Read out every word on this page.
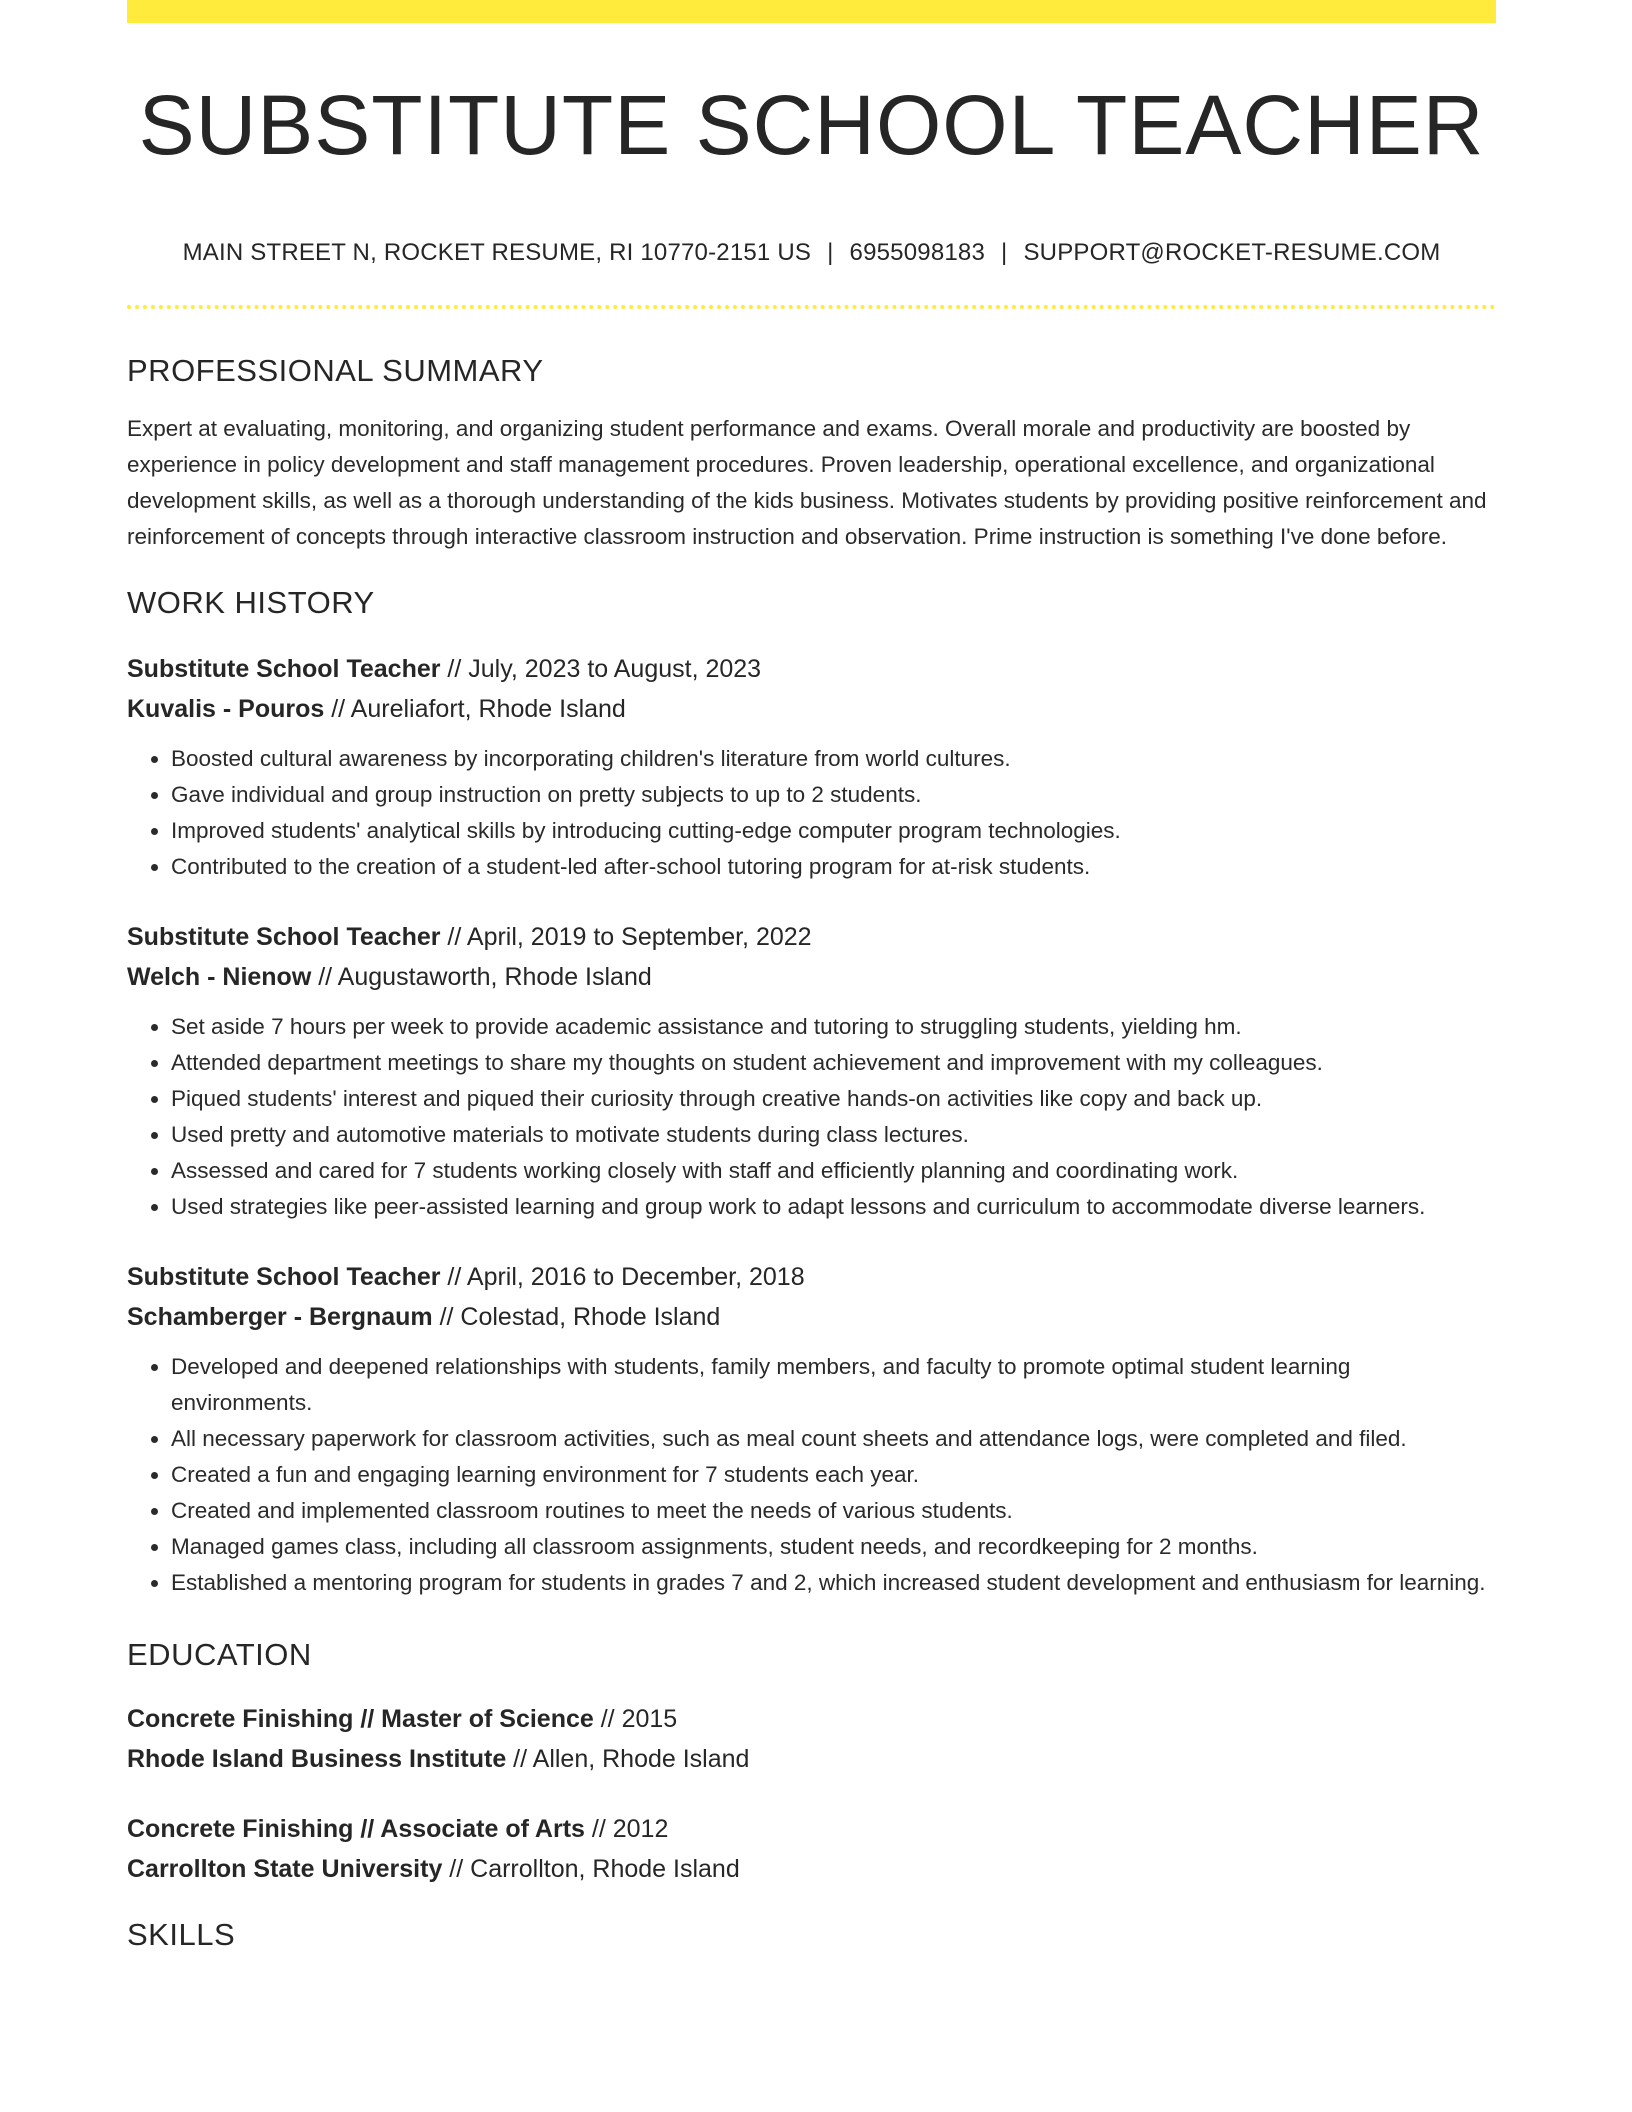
SUBSTITUTE SCHOOL TEACHER
MAIN STREET N, ROCKET RESUME, RI 10770-2151 US | 6955098183 | SUPPORT@ROCKET-RESUME.COM
PROFESSIONAL SUMMARY
Expert at evaluating, monitoring, and organizing student performance and exams. Overall morale and productivity are boosted by experience in policy development and staff management procedures. Proven leadership, operational excellence, and organizational development skills, as well as a thorough understanding of the kids business. Motivates students by providing positive reinforcement and reinforcement of concepts through interactive classroom instruction and observation. Prime instruction is something I've done before.
WORK HISTORY
Substitute School Teacher // July, 2023 to August, 2023
Kuvalis - Pouros // Aureliafort, Rhode Island
• Boosted cultural awareness by incorporating children's literature from world cultures.
• Gave individual and group instruction on pretty subjects to up to 2 students.
• Improved students' analytical skills by introducing cutting-edge computer program technologies.
• Contributed to the creation of a student-led after-school tutoring program for at-risk students.
Substitute School Teacher // April, 2019 to September, 2022
Welch - Nienow // Augustaworth, Rhode Island
• Set aside 7 hours per week to provide academic assistance and tutoring to struggling students, yielding hm.
• Attended department meetings to share my thoughts on student achievement and improvement with my colleagues.
• Piqued students' interest and piqued their curiosity through creative hands-on activities like copy and back up.
• Used pretty and automotive materials to motivate students during class lectures.
• Assessed and cared for 7 students working closely with staff and efficiently planning and coordinating work.
• Used strategies like peer-assisted learning and group work to adapt lessons and curriculum to accommodate diverse learners.
Substitute School Teacher // April, 2016 to December, 2018
Schamberger - Bergnaum // Colestad, Rhode Island
• Developed and deepened relationships with students, family members, and faculty to promote optimal student learning environments.
• All necessary paperwork for classroom activities, such as meal count sheets and attendance logs, were completed and filed.
• Created a fun and engaging learning environment for 7 students each year.
• Created and implemented classroom routines to meet the needs of various students.
• Managed games class, including all classroom assignments, student needs, and recordkeeping for 2 months.
• Established a mentoring program for students in grades 7 and 2, which increased student development and enthusiasm for learning.
EDUCATION
Concrete Finishing // Master of Science // 2015
Rhode Island Business Institute // Allen, Rhode Island
Concrete Finishing // Associate of Arts // 2012
Carrollton State University // Carrollton, Rhode Island
SKILLS
